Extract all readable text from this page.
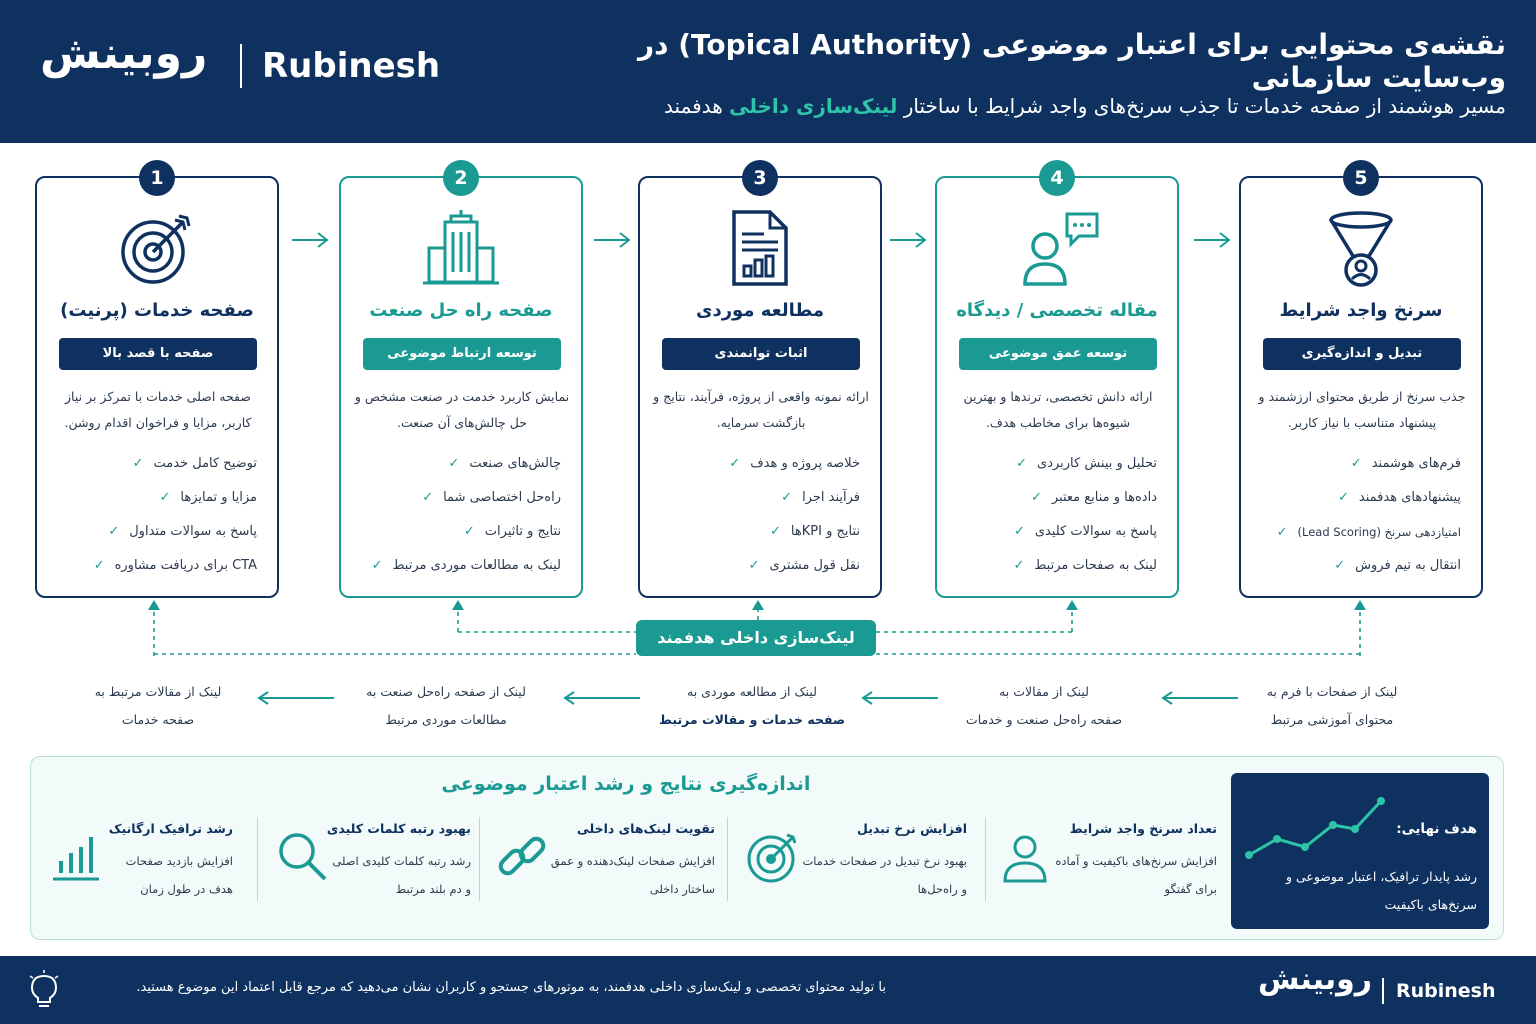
روبینش Rubinesh
نقشه‌ی محتوایی برای اعتبار موضوعی (Topical Authority) در وب‌سایت سازمانی
مسیر هوشمند از صفحه خدمات تا جذب سرنخ‌های واجد شرایط با ساختار لینک‌سازی داخلی هدفمند
1
صفحه خدمات (پرنیت)
صفحه با قصد بالا
صفحه اصلی خدمات با تمرکز بر نیاز کاربر، مزایا و فراخوان اقدام روشن.
توضیح کامل خدمت✓
مزایا و تمایزها✓
پاسخ به سوالات متداول✓
CTA برای دریافت مشاوره✓
2
صفحه راه حل صنعت
توسعه ارتباط موضوعی
نمایش کاربرد خدمت در صنعت مشخص و حل چالش‌های آن صنعت.
چالش‌های صنعت✓
راه‌حل اختصاصی شما✓
نتایج و تاثیرات✓
لینک به مطالعات موردی مرتبط✓
3
مطالعه موردی
اثبات توانمندی
ارائه نمونه واقعی از پروژه، فرآیند، نتایج و بازگشت سرمایه.
خلاصه پروژه و هدف✓
فرآیند اجرا✓
نتایج و KPIها✓
نقل قول مشتری✓
4
مقاله تخصصی / دیدگاه
توسعه عمق موضوعی
ارائه دانش تخصصی، ترندها و بهترین شیوه‌ها برای مخاطب هدف.
تحلیل و بینش کاربردی✓
داده‌ها و منابع معتبر✓
پاسخ به سوالات کلیدی✓
لینک به صفحات مرتبط✓
5
سرنخ واجد شرایط
تبدیل و اندازه‌گیری
جذب سرنخ از طریق محتوای ارزشمند و پیشنهاد متناسب با نیاز کاربر.
فرم‌های هوشمند✓
پیشنهادهای هدفمند✓
امتیازدهی سرنخ (Lead Scoring)✓
انتقال به تیم فروش✓
لینک‌سازی داخلی هدفمند
لینک از صفحات با فرم به
محتوای آموزشی مرتبط
لینک از مقالات به
صفحه راه‌حل صنعت و خدمات
لینک از مطالعه موردی به
صفحه خدمات و مقالات مرتبط
لینک از صفحه راه‌حل صنعت به
مطالعات موردی مرتبط
لینک از مقالات مرتبط به
صفحه خدمات
اندازه‌گیری نتایج و رشد اعتبار موضوعی
تعداد سرنخ واجد شرایط
افزایش سرنخ‌های باکیفیت و آماده برای گفتگو
افزایش نرخ تبدیل
بهبود نرخ تبدیل در صفحات خدمات و راه‌حل‌ها
تقویت لینک‌های داخلی
افزایش صفحات لینک‌دهنده و عمق ساختار داخلی
بهبود رتبه کلمات کلیدی
رشد رتبه کلمات کلیدی اصلی و دم بلند مرتبط
رشد ترافیک ارگانیک
افزایش بازدید صفحات هدف در طول زمان
هدف نهایی:
رشد پایدار ترافیک، اعتبار موضوعی و سرنخ‌های باکیفیت
با تولید محتوای تخصصی و لینک‌سازی داخلی هدفمند، به موتورهای جستجو و کاربران نشان می‌دهید که مرجع قابل اعتماد این موضوع هستید.	روبینش Rubinesh
